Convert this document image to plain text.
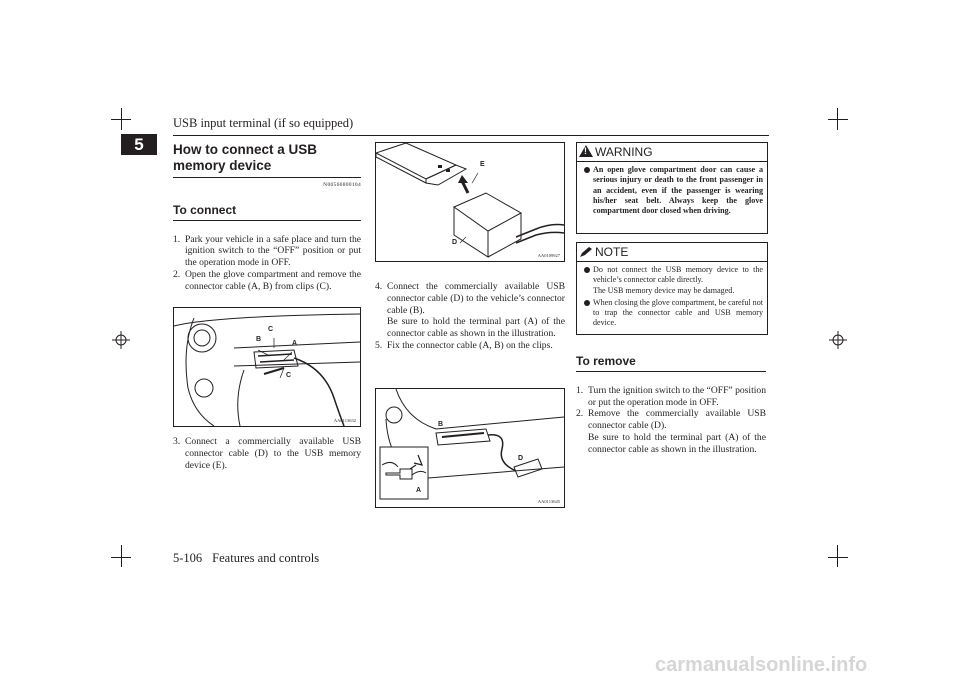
USB input terminal (if so equipped)
5	How to connect a USB memory device
N00566800104
To connect
1. Park your vehicle in a safe place and turn the ignition switch to the “OFF” position or put the operation mode in OFF.
2. Open the glove compartment and remove the connector cable (A, B) from clips (C).
C
B
A
C
AA0113632
3. Connect a commercially available USB connector cable (D) to the USB memory device (E).
E
D
AA0109927
4. Connect the commercially available USB connector cable (D) to the vehicle’s connector cable (B).
Be sure to hold the terminal part (A) of the connector cable as shown in the illustration.
5. Fix the connector cable (A, B) on the clips.
B
D
A
AA0113645
!
WARNING
An open glove compartment door can cause a serious injury or death to the front passenger in an accident, even if the passenger is wearing his/her seat belt. Always keep the glove compartment door closed when driving.
NOTE
Do not connect the USB memory device to the vehicle’s connector cable directly.
The USB memory device may be damaged.
When closing the glove compartment, be careful not to trap the connector cable and USB memory device.
To remove
1. Turn the ignition switch to the “OFF” position or put the operation mode in OFF.
2. Remove the commercially available USB connector cable (D).
Be sure to hold the terminal part (A) of the connector cable as shown in the illustration.
5-106 Features and controls
carmanualsonline.info
